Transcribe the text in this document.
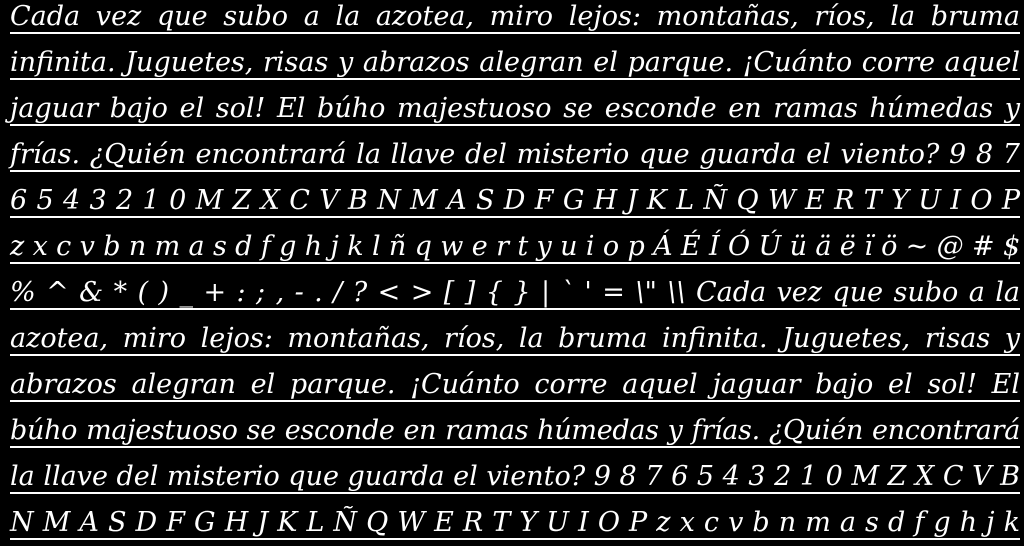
Cada vez que subo a la azotea, miro lejos: montañas, ríos, la bruma
infinita. Juguetes, risas y abrazos alegran el parque. ¡Cuánto corre aquel
jaguar bajo el sol! El búho majestuoso se esconde en ramas húmedas y
frías. ¿Quién encontrará la llave del misterio que guarda el viento? 9 8 7
6 5 4 3 2 1 0 M Z X C V B N M A S D F G H J K L Ñ Q W E R T Y U I O P
z x c v b n m a s d f g h j k l ñ q w e r t y u i o p Á É Í Ó Ú ü ä ë ï ö ~ @ # $
% ^ & * ( ) _ + : ; , - . / ? < > [ ] { } | ` ' = \" \\ Cada vez que subo a la
azotea, miro lejos: montañas, ríos, la bruma infinita. Juguetes, risas y
abrazos alegran el parque. ¡Cuánto corre aquel jaguar bajo el sol! El
búho majestuoso se esconde en ramas húmedas y frías. ¿Quién encontrará
la llave del misterio que guarda el viento? 9 8 7 6 5 4 3 2 1 0 M Z X C V B
N M A S D F G H J K L Ñ Q W E R T Y U I O P z x c v b n m a s d f g h j k
